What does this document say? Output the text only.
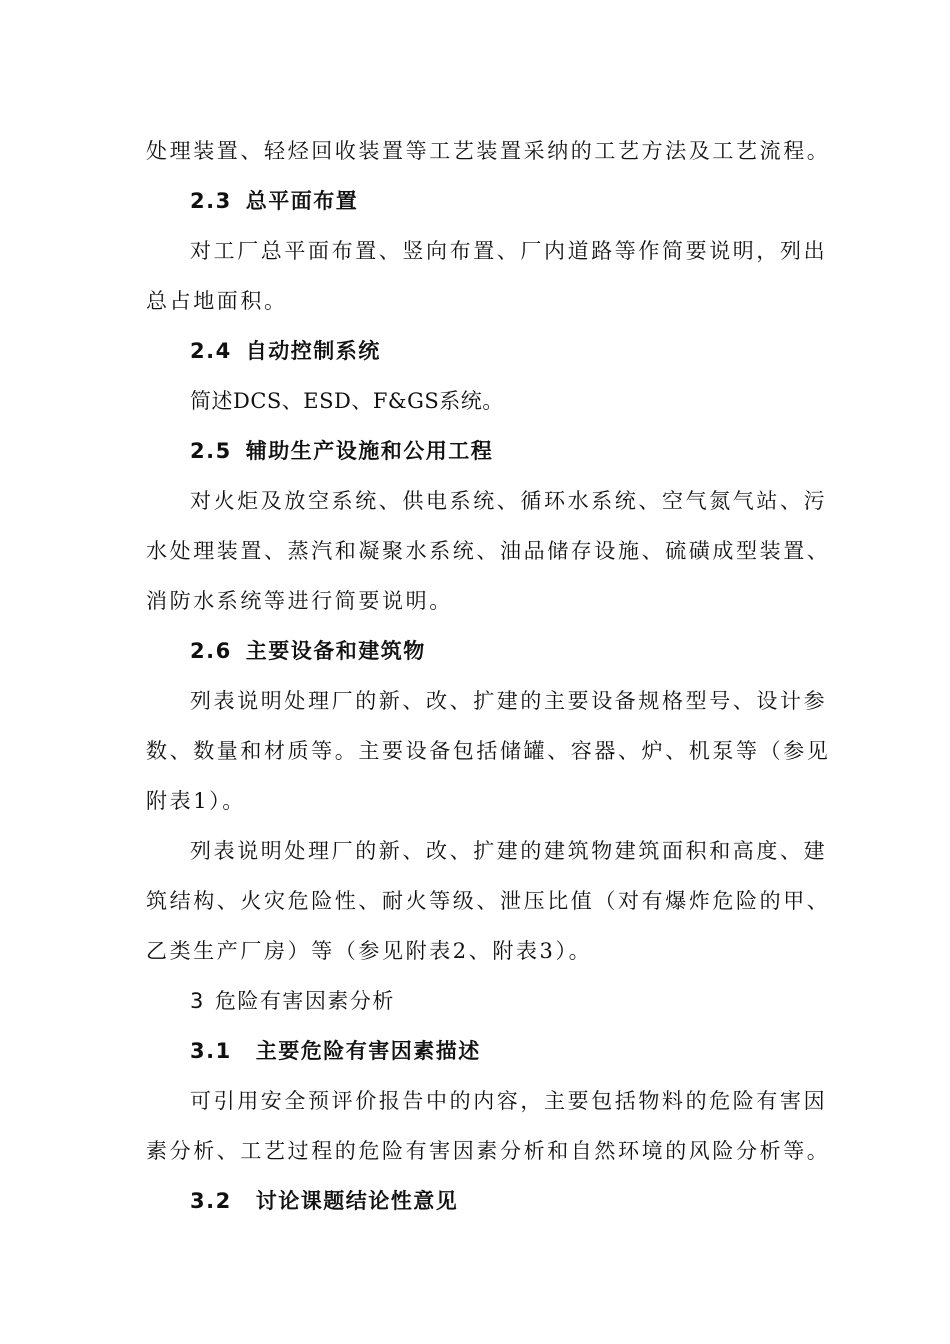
处理装置、轻烃回收装置等工艺装置采纳的工艺方法及工艺流程。
2.3 总平面布置
对工厂总平面布置、竖向布置、厂内道路等作简要说明，列出
总占地面积。
2.4 自动控制系统
简述DCS、ESD、F&GS系统。
2.5 辅助生产设施和公用工程
对火炬及放空系统、供电系统、循环水系统、空气氮气站、污
水处理装置、蒸汽和凝聚水系统、油品储存设施、硫磺成型装置、
消防水系统等进行简要说明。
2.6 主要设备和建筑物
列表说明处理厂的新、改、扩建的主要设备规格型号、设计参
数、数量和材质等。主要设备包括储罐、容器、炉、机泵等（参见
附表1）。
列表说明处理厂的新、改、扩建的建筑物建筑面积和高度、建
筑结构、火灾危险性、耐火等级、泄压比值（对有爆炸危险的甲、
乙类生产厂房）等（参见附表2、附表3）。
3 危险有害因素分析
3.1 主要危险有害因素描述
可引用安全预评价报告中的内容，主要包括物料的危险有害因
素分析、工艺过程的危险有害因素分析和自然环境的风险分析等。
3.2 讨论课题结论性意见
